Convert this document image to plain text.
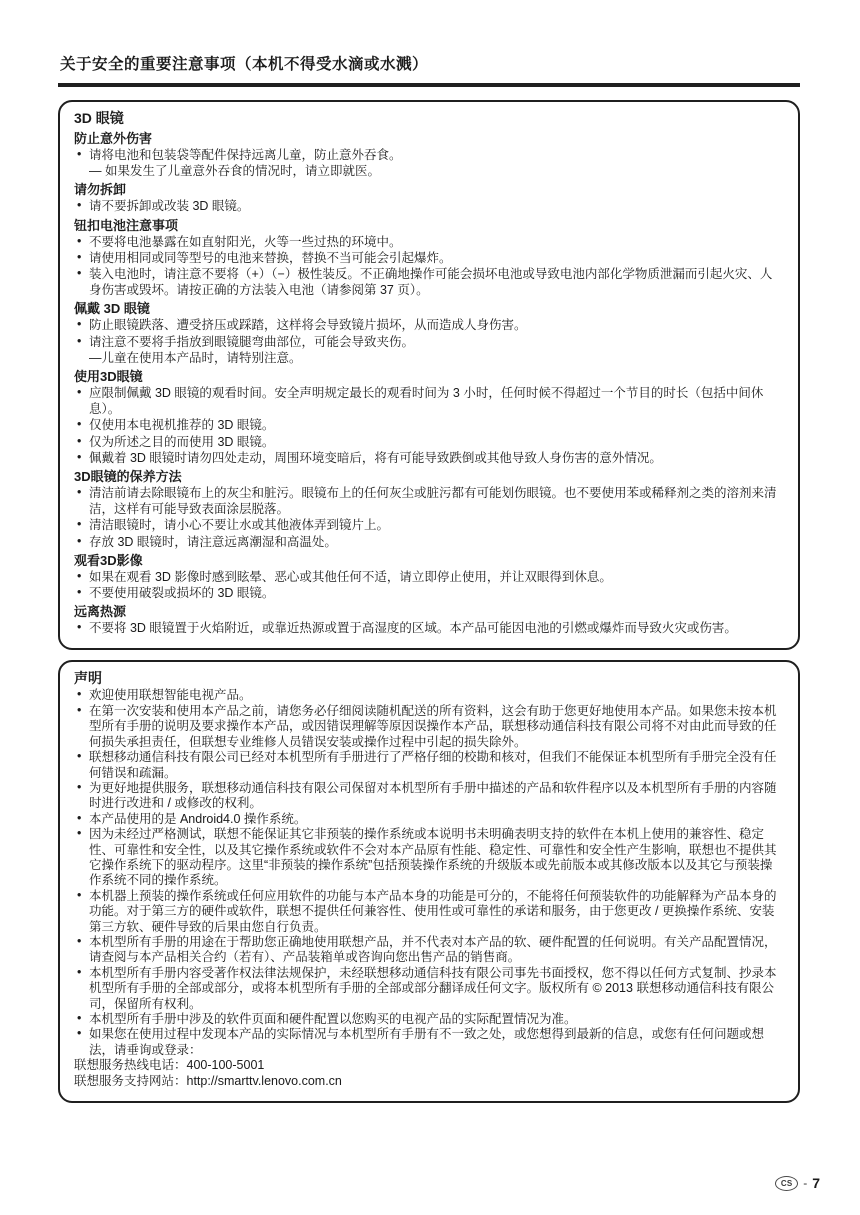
关于安全的重要注意事项（本机不得受水滴或水溅）
3D 眼镜
防止意外伤害
• 请将电池和包装袋等配件保持远离儿童，防止意外吞食。
— 如果发生了儿童意外吞食的情况时，请立即就医。
请勿拆卸
• 请不要拆卸或改装 3D 眼镜。
钮扣电池注意事项
• 不要将电池暴露在如直射阳光，火等一些过热的环境中。
• 请使用相同或同等型号的电池来替换，替换不当可能会引起爆炸。
• 装入电池时，请注意不要将（+）（−）极性装反。不正确地操作可能会损坏电池或导致电池内部化学物质泄漏而引起火灾、人身伤害或毁坏。请按正确的方法装入电池（请参阅第 37 页）。
佩戴 3D 眼镜
• 防止眼镜跌落、遭受挤压或踩踏，这样将会导致镜片损坏，从而造成人身伤害。
• 请注意不要将手指放到眼镜腿弯曲部位，可能会导致夹伤。
—儿童在使用本产品时，请特别注意。
使用3D眼镜
• 应限制佩戴 3D 眼镜的观看时间。安全声明规定最长的观看时间为 3 小时，任何时候不得超过一个节目的时长（包括中间休息）。
• 仅使用本电视机推荐的 3D 眼镜。
• 仅为所述之目的而使用 3D 眼镜。
• 佩戴着 3D 眼镜时请勿四处走动，周围环境变暗后，将有可能导致跌倒或其他导致人身伤害的意外情况。
3D眼镜的保养方法
• 清洁前请去除眼镜布上的灰尘和脏污。眼镜布上的任何灰尘或脏污都有可能划伤眼镜。也不要使用苯或稀释剂之类的溶剂来清洁，这样有可能导致表面涂层脱落。
• 清洁眼镜时，请小心不要让水或其他液体弄到镜片上。
• 存放 3D 眼镜时，请注意远离潮湿和高温处。
观看3D影像
• 如果在观看 3D 影像时感到眩晕、恶心或其他任何不适，请立即停止使用，并让双眼得到休息。
• 不要使用破裂或损坏的 3D 眼镜。
远离热源
• 不要将 3D 眼镜置于火焰附近，或靠近热源或置于高湿度的区域。本产品可能因电池的引燃或爆炸而导致火灾或伤害。
声明
• 欢迎使用联想智能电视产品。
• 在第一次安装和使用本产品之前，请您务必仔细阅读随机配送的所有资料，这会有助于您更好地使用本产品。如果您未按本机型所有手册的说明及要求操作本产品，或因错误理解等原因误操作本产品，联想移动通信科技有限公司将不对由此而导致的任何损失承担责任，但联想专业维修人员错误安装或操作过程中引起的损失除外。
• 联想移动通信科技有限公司已经对本机型所有手册进行了严格仔细的校勘和核对，但我们不能保证本机型所有手册完全没有任何错误和疏漏。
• 为更好地提供服务，联想移动通信科技有限公司保留对本机型所有手册中描述的产品和软件程序以及本机型所有手册的内容随时进行改进和 / 或修改的权利。
• 本产品使用的是 Android4.0 操作系统。
• 因为未经过严格测试，联想不能保证其它非预装的操作系统或本说明书未明确表明支持的软件在本机上使用的兼容性、稳定性、可靠性和安全性，以及其它操作系统或软件不会对本产品原有性能、稳定性、可靠性和安全性产生影响，联想也不提供其它操作系统下的驱动程序。这里“非预装的操作系统”包括预装操作系统的升级版本或先前版本或其修改版本以及其它与预装操作系统不同的操作系统。
• 本机器上预装的操作系统或任何应用软件的功能与本产品本身的功能是可分的，不能将任何预装软件的功能解释为产品本身的功能。对于第三方的硬件或软件，联想不提供任何兼容性、使用性或可靠性的承诺和服务，由于您更改 / 更换操作系统、安装第三方软、硬件导致的后果由您自行负责。
• 本机型所有手册的用途在于帮助您正确地使用联想产品，并不代表对本产品的软、硬件配置的任何说明。有关产品配置情况，请查阅与本产品相关合约（若有）、产品装箱单或咨询向您出售产品的销售商。
• 本机型所有手册内容受著作权法律法规保护，未经联想移动通信科技有限公司事先书面授权，您不得以任何方式复制、抄录本机型所有手册的全部或部分，或将本机型所有手册的全部或部分翻译成任何文字。版权所有 © 2013 联想移动通信科技有限公司，保留所有权利。
• 本机型所有手册中涉及的软件页面和硬件配置以您购买的电视产品的实际配置情况为准。
• 如果您在使用过程中发现本产品的实际情况与本机型所有手册有不一致之处，或您想得到最新的信息，或您有任何问题或想法，请垂询或登录：
联想服务热线电话：400-100-5001
联想服务支持网站：http://smarttv.lenovo.com.cn
CS - 7
